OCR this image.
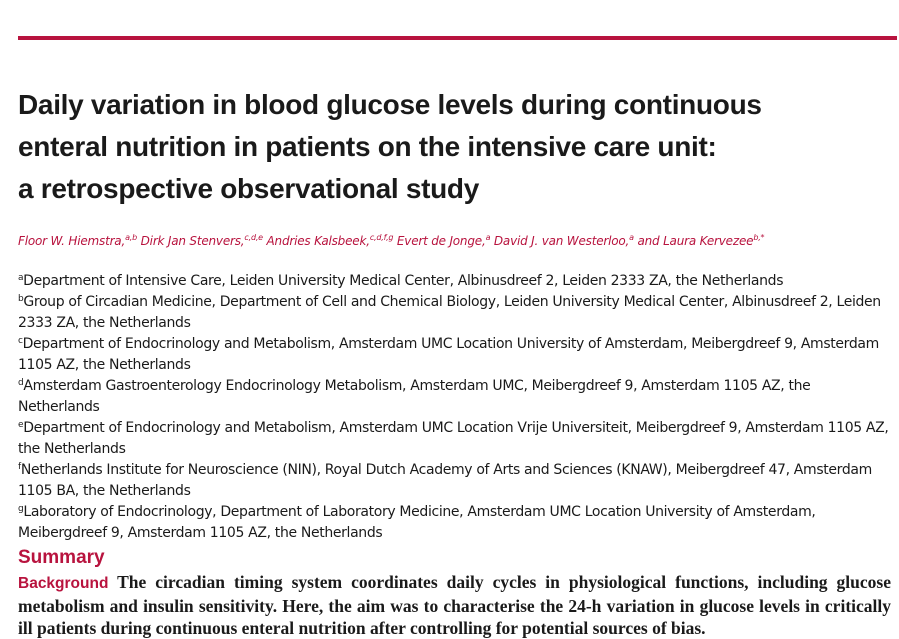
Daily variation in blood glucose levels during continuous
enteral nutrition in patients on the intensive care unit:
a retrospective observational study
Floor W. Hiemstra,$^{a,b}$ Dirk Jan Stenvers,$^{c,d,e}$ Andries Kalsbeek,$^{c,d,f,g}$ Evert de Jonge,$^a$ David J. van Westerloo,$^a$ and Laura Kervezee$^{b,*}$

$^a$Department of Intensive Care, Leiden University Medical Center, Albinusdreef 2, Leiden 2333 ZA, the Netherlands

$^b$Group of Circadian Medicine, Department of Cell and Chemical Biology, Leiden University Medical Center, Albinusdreef 2, Leiden 2333 ZA, the Netherlands

$^c$Department of Endocrinology and Metabolism, Amsterdam UMC Location University of Amsterdam, Meibergdreef 9, Amsterdam 1105 AZ, the Netherlands

$^d$Amsterdam Gastroenterology Endocrinology Metabolism, Amsterdam UMC, Meibergdreef 9, Amsterdam 1105 AZ, the Netherlands

$^e$Department of Endocrinology and Metabolism, Amsterdam UMC Location Vrije Universiteit, Meibergdreef 9, Amsterdam 1105 AZ, the Netherlands

$^f$Netherlands Institute for Neuroscience (NIN), Royal Dutch Academy of Arts and Sciences (KNAW), Meibergdreef 47, Amsterdam 1105 BA, the Netherlands

$^g$Laboratory of Endocrinology, Department of Laboratory Medicine, Amsterdam UMC Location University of Amsterdam, Meibergdreef 9, Amsterdam 1105 AZ, the Netherlands

Summary
Background The circadian timing system coordinates daily cycles in physiological functions, including glucose metabolism and insulin sensitivity. Here, the aim was to characterise the 24-h variation in glucose levels in critically ill patients during continuous enteral nutrition after controlling for potential sources of bias.
